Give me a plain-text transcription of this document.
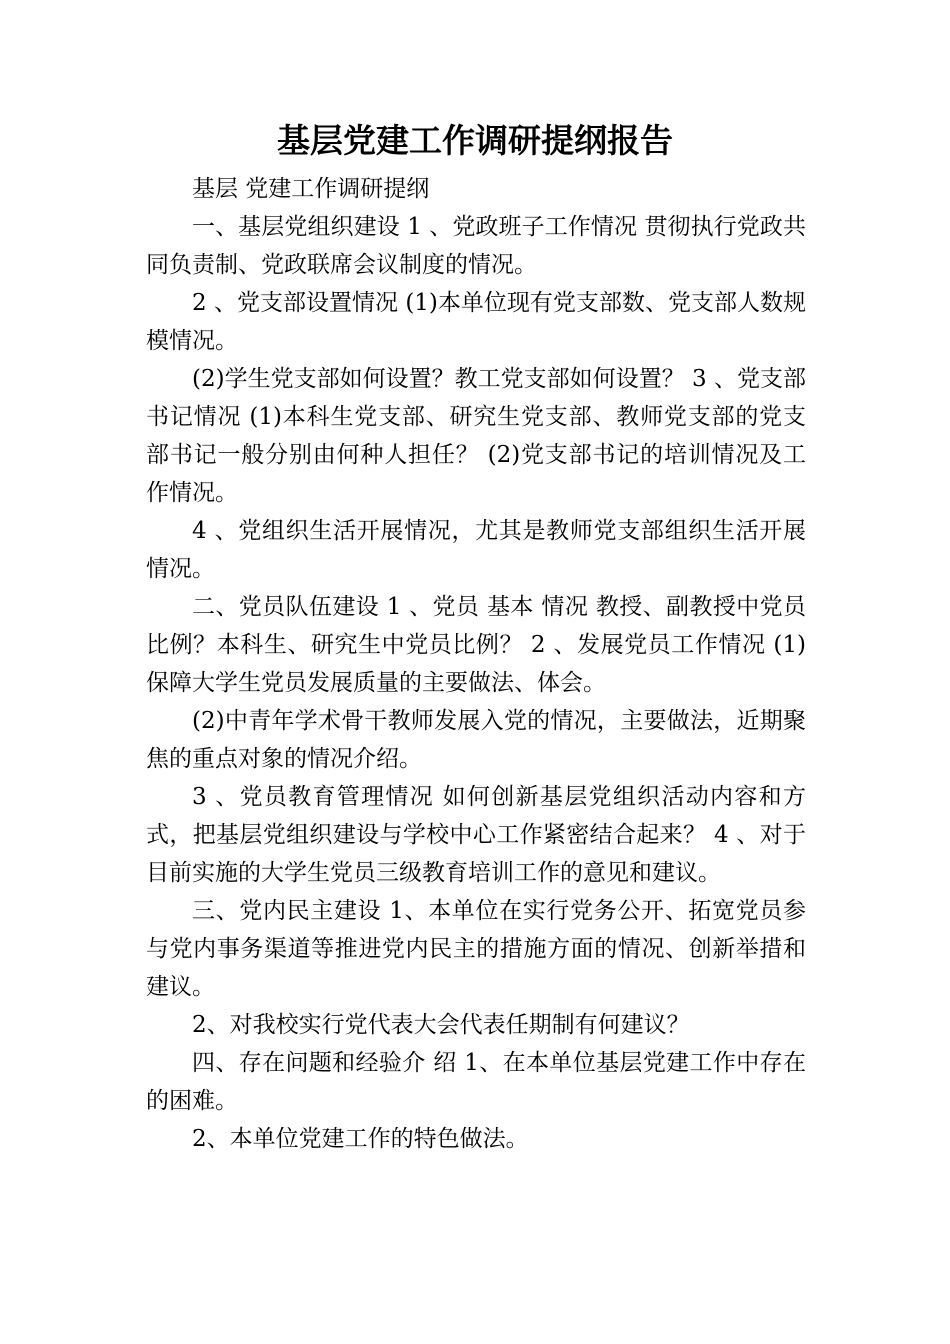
基层党建工作调研提纲报告

基层 党建工作调研提纲

一、基层党组织建设 1 、党政班子工作情况 贯彻执行党政共同负责制、党政联席会议制度的情况。

2 、党支部设置情况 (1)本单位现有党支部数、党支部人数规模情况。

(2)学生党支部如何设置？教工党支部如何设置？ 3 、党支部书记情况 (1)本科生党支部、研究生党支部、教师党支部的党支部书记一般分别由何种人担任？ (2)党支部书记的培训情况及工作情况。

4 、党组织生活开展情况，尤其是教师党支部组织生活开展情况。

二、党员队伍建设 1 、党员 基本 情况 教授、副教授中党员比例？本科生、研究生中党员比例？ 2 、发展党员工作情况 (1)保障大学生党员发展质量的主要做法、体会。

(2)中青年学术骨干教师发展入党的情况，主要做法，近期聚焦的重点对象的情况介绍。

3 、党员教育管理情况 如何创新基层党组织活动内容和方式，把基层党组织建设与学校中心工作紧密结合起来？ 4 、对于目前实施的大学生党员三级教育培训工作的意见和建议。

三、党内民主建设 1、本单位在实行党务公开、拓宽党员参与党内事务渠道等推进党内民主的措施方面的情况、创新举措和建议。

2、对我校实行党代表大会代表任期制有何建议？

四、存在问题和经验介 绍 1、在本单位基层党建工作中存在的困难。

2、本单位党建工作的特色做法。
